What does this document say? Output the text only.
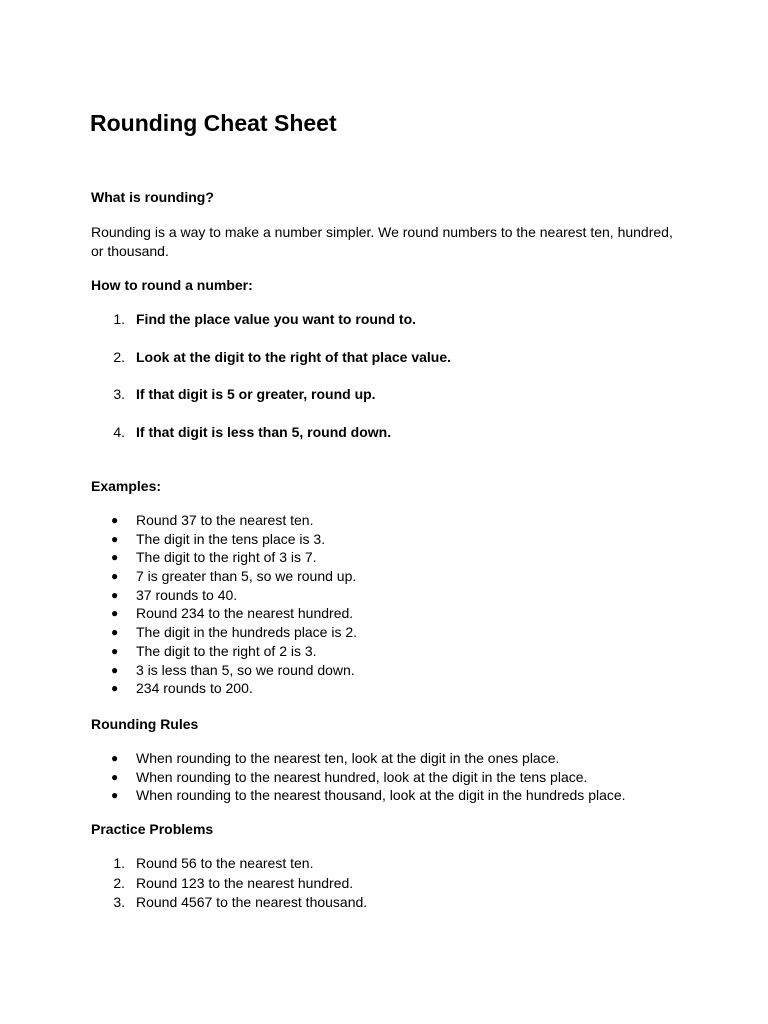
Rounding Cheat Sheet
What is rounding?

Rounding is a way to make a number simpler. We round numbers to the nearest ten, hundred, or thousand.

How to round a number:
1. Find the place value you want to round to.
2. Look at the digit to the right of that place value.
3. If that digit is 5 or greater, round up.
4. If that digit is less than 5, round down.
Examples:
● Round 37 to the nearest ten.
● The digit in the tens place is 3.
● The digit to the right of 3 is 7.
● 7 is greater than 5, so we round up.
● 37 rounds to 40.
● Round 234 to the nearest hundred.
● The digit in the hundreds place is 2.
● The digit to the right of 2 is 3.
● 3 is less than 5, so we round down.
● 234 rounds to 200.
Rounding Rules
● When rounding to the nearest ten, look at the digit in the ones place.
● When rounding to the nearest hundred, look at the digit in the tens place.
● When rounding to the nearest thousand, look at the digit in the hundreds place.
Practice Problems
1. Round 56 to the nearest ten.
2. Round 123 to the nearest hundred.
3. Round 4567 to the nearest thousand.
